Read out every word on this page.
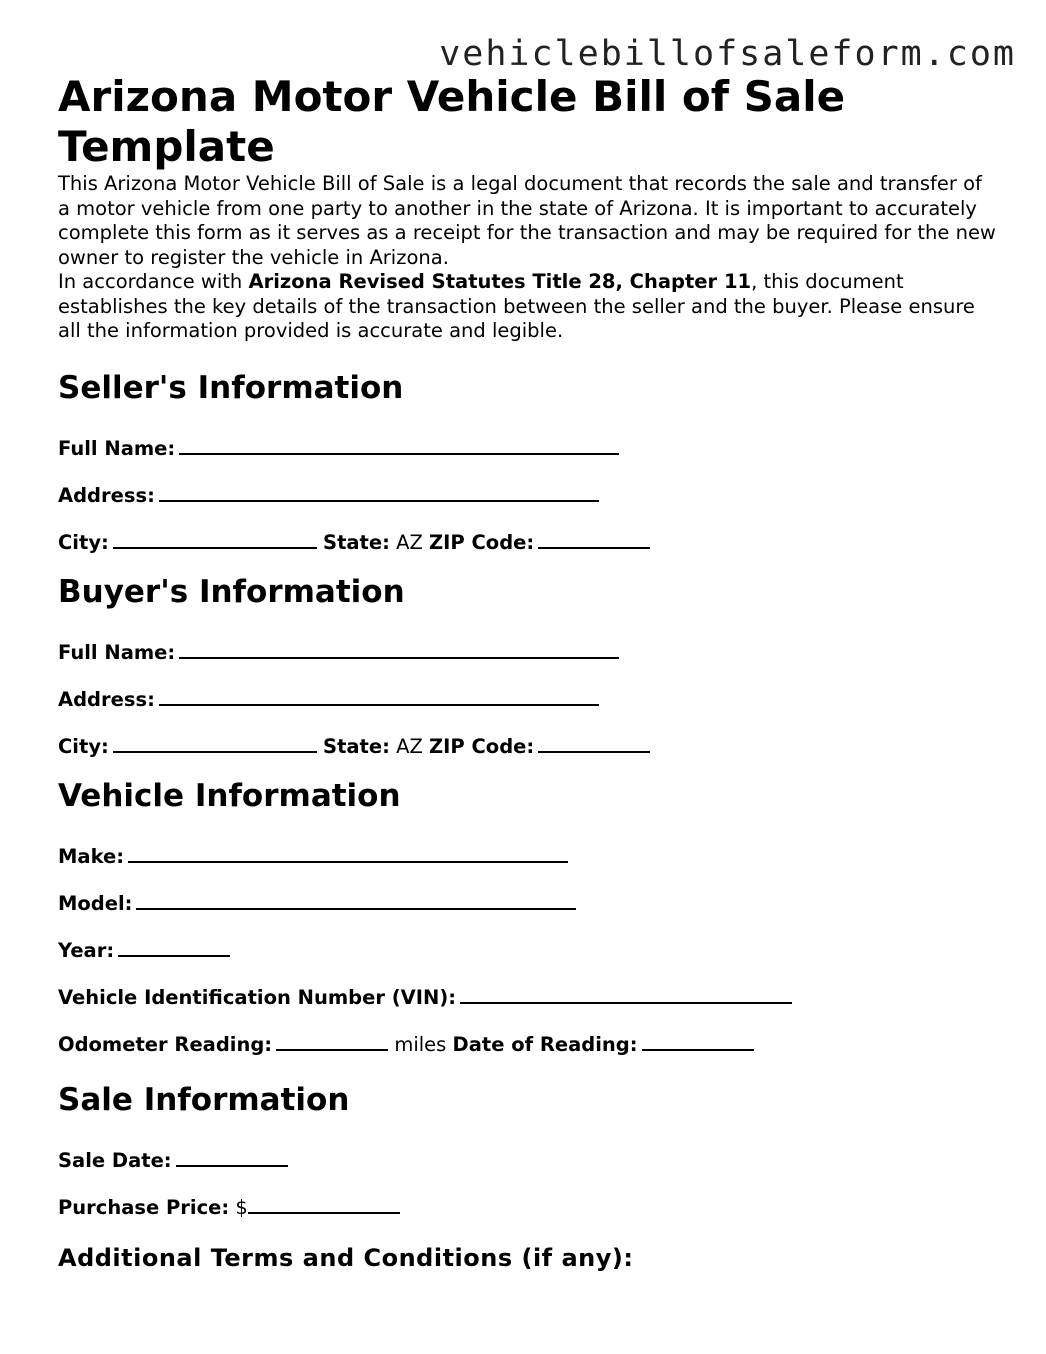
vehiclebillofsaleform.com
Arizona Motor Vehicle Bill of Sale Template

This Arizona Motor Vehicle Bill of Sale is a legal document that records the sale and transfer of a motor vehicle from one party to another in the state of Arizona. It is important to accurately complete this form as it serves as a receipt for the transaction and may be required for the new owner to register the vehicle in Arizona.

In accordance with Arizona Revised Statutes Title 28, Chapter 11, this document establishes the key details of the transaction between the seller and the buyer. Please ensure all the information provided is accurate and legible.

Seller's Information
Full Name:
Address:
City:	State: AZ ZIP Code:
Buyer's Information
Full Name:
Address:
City:	State: AZ ZIP Code:
Vehicle Information
Make:
Model:
Year:
Vehicle Identification Number (VIN):
Odometer Reading:	miles Date of Reading:
Sale Information
Sale Date:
Purchase Price: $
Additional Terms and Conditions (if any):
